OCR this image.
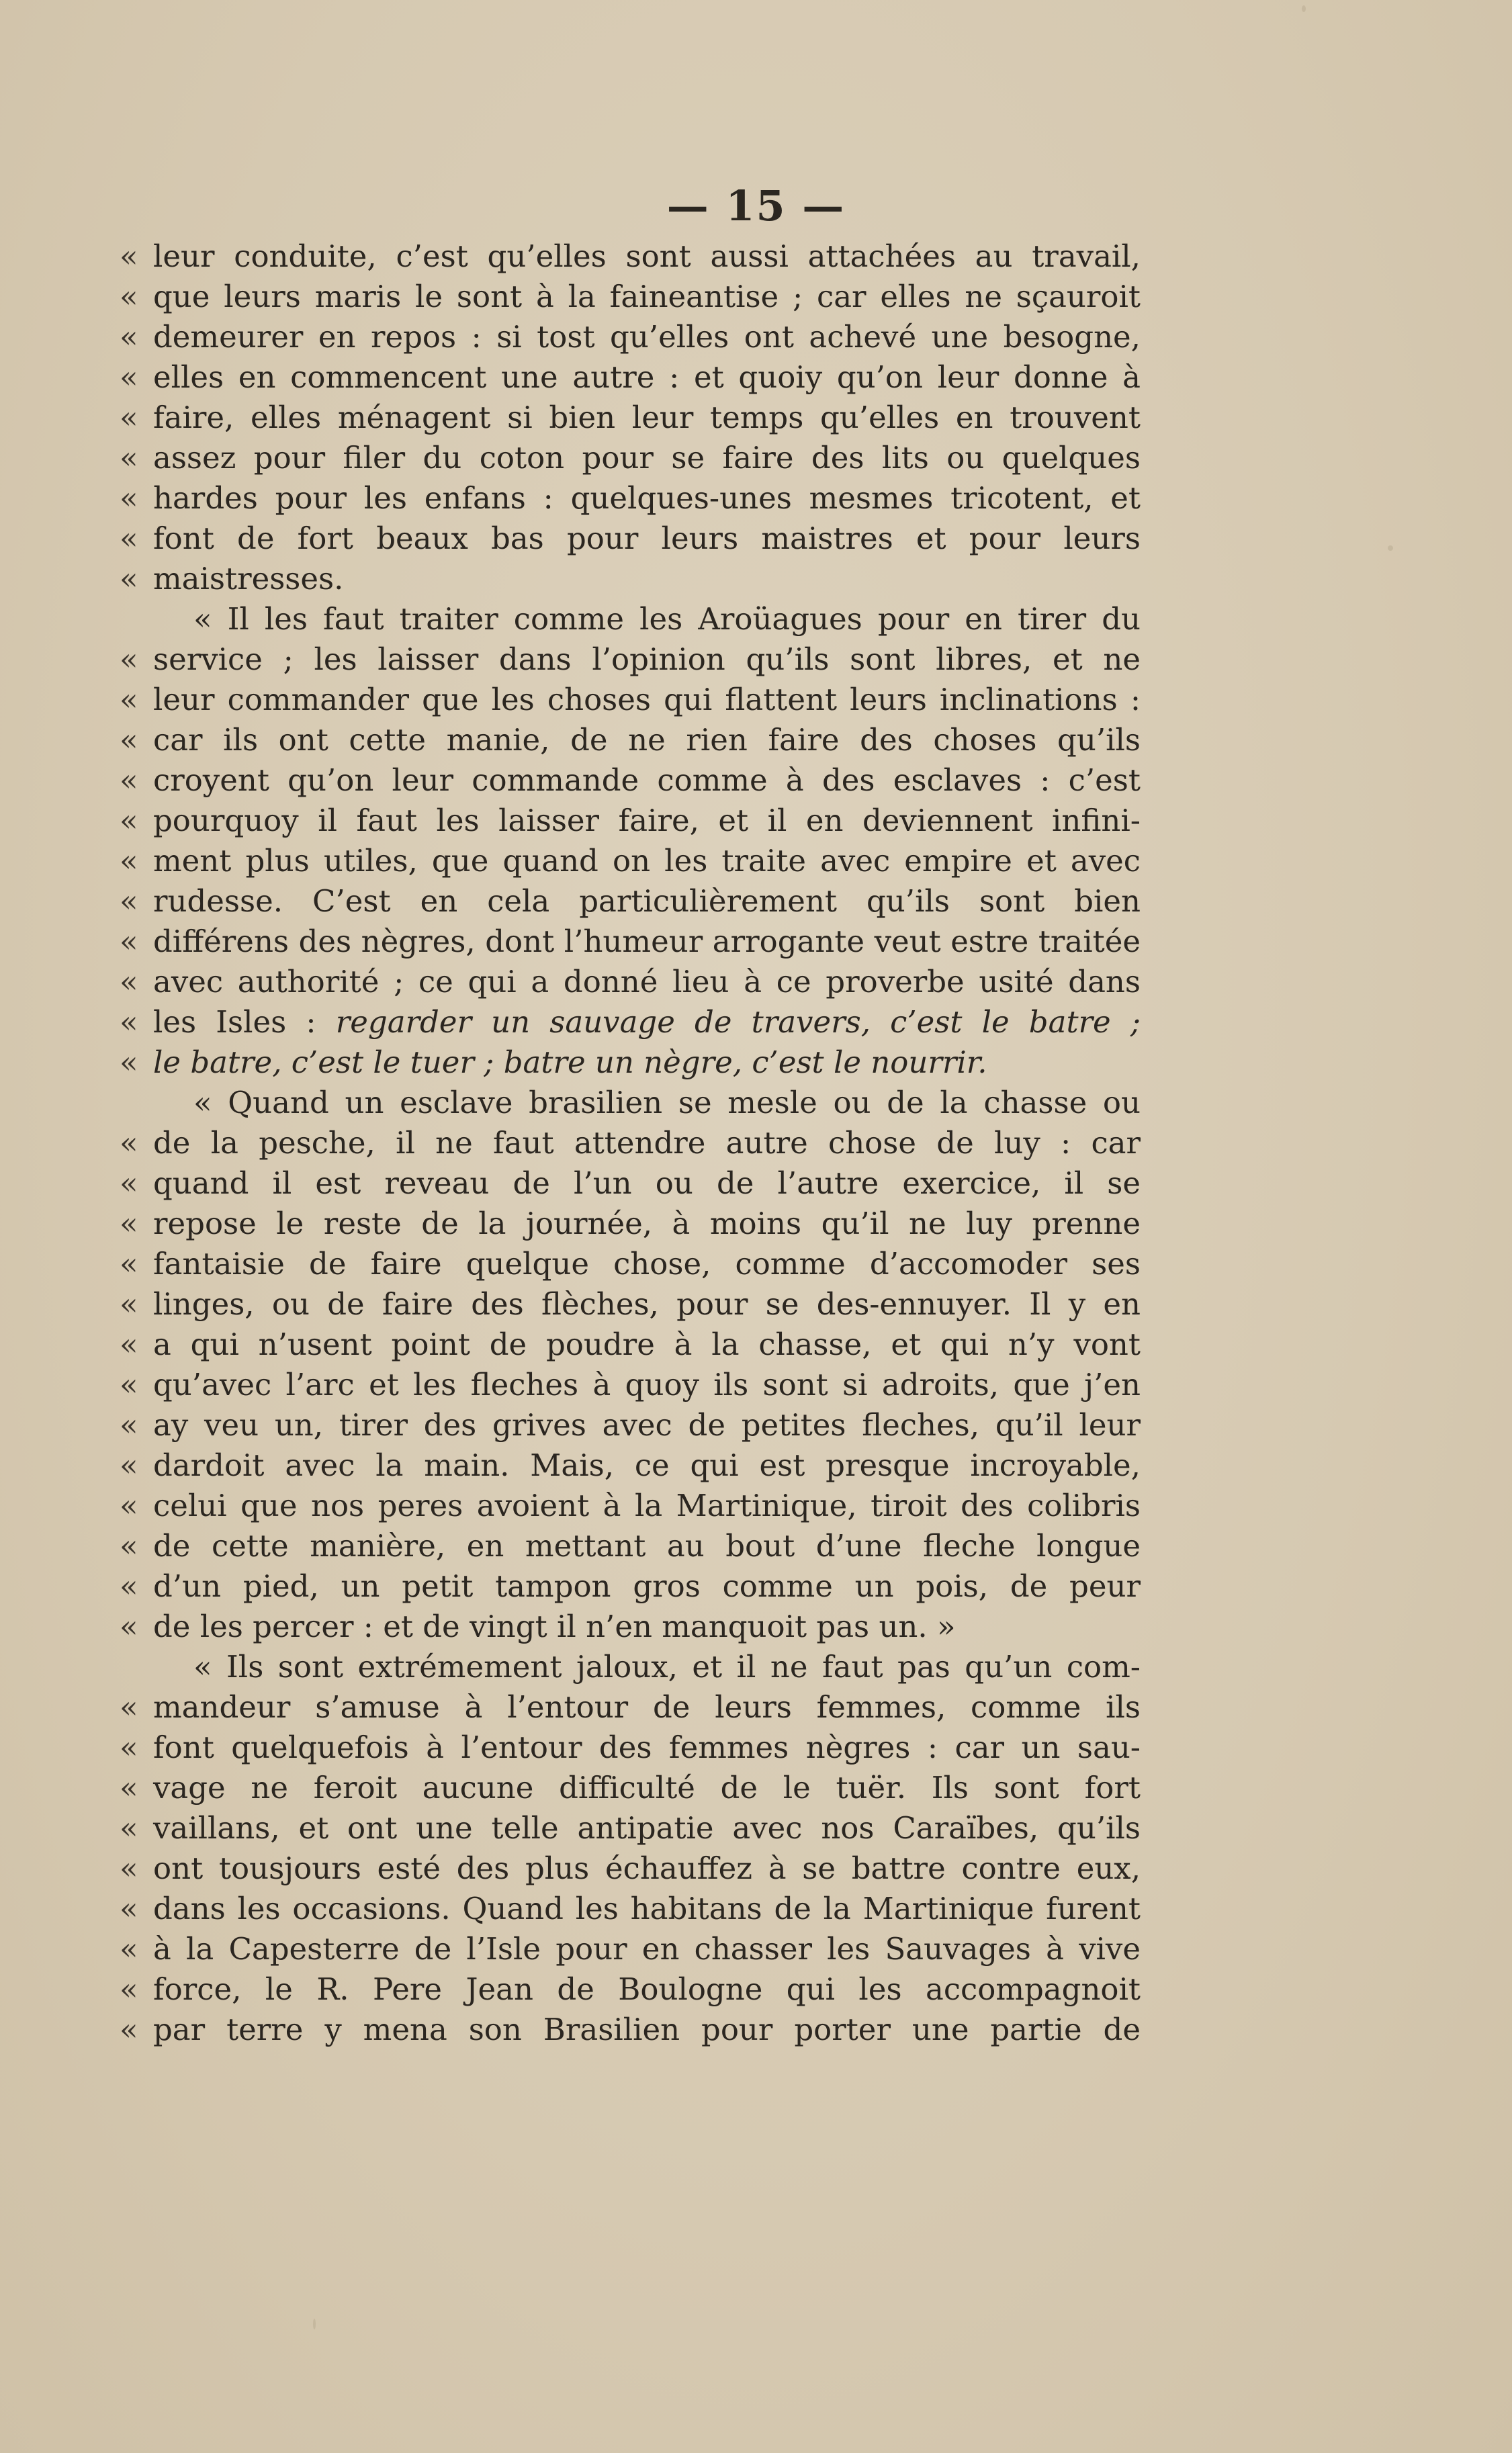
— 15 —
« leur conduite, c’est qu’elles sont aussi attachées au travail,
« que leurs maris le sont à la faineantise ; car elles ne sçauroit
« demeurer en repos : si tost qu’elles ont achevé une besogne,
« elles en commencent une autre : et quoiy qu’on leur donne à
« faire, elles ménagent si bien leur temps qu’elles en trouvent
« assez pour filer du coton pour se faire des lits ou quelques
« hardes pour les enfans : quelques-unes mesmes tricotent, et
« font de fort beaux bas pour leurs maistres et pour leurs
« maistresses.
« Il les faut traiter comme les Aroüagues pour en tirer du
« service ; les laisser dans l’opinion qu’ils sont libres, et ne
« leur commander que les choses qui flattent leurs inclinations :
« car ils ont cette manie, de ne rien faire des choses qu’ils
« croyent qu’on leur commande comme à des esclaves : c’est
« pourquoy il faut les laisser faire, et il en deviennent infini-
« ment plus utiles, que quand on les traite avec empire et avec
« rudesse. C’est en cela particulièrement qu’ils sont bien
« différens des nègres, dont l’humeur arrogante veut estre traitée
« avec authorité ; ce qui a donné lieu à ce proverbe usité dans
« les Isles : regarder un sauvage de travers, c’est le batre ;
« le batre, c’est le tuer ; batre un nègre, c’est le nourrir.
« Quand un esclave brasilien se mesle ou de la chasse ou
« de la pesche, il ne faut attendre autre chose de luy : car
« quand il est reveau de l’un ou de l’autre exercice, il se
« repose le reste de la journée, à moins qu’il ne luy prenne
« fantaisie de faire quelque chose, comme d’accomoder ses
« linges, ou de faire des flèches, pour se des-ennuyer. Il y en
« a qui n’usent point de poudre à la chasse, et qui n’y vont
« qu’avec l’arc et les fleches à quoy ils sont si adroits, que j’en
« ay veu un, tirer des grives avec de petites fleches, qu’il leur
« dardoit avec la main. Mais, ce qui est presque incroyable,
« celui que nos peres avoient à la Martinique, tiroit des colibris
« de cette manière, en mettant au bout d’une fleche longue
« d’un pied, un petit tampon gros comme un pois, de peur
« de les percer : et de vingt il n’en manquoit pas un. »
« Ils sont extrémement jaloux, et il ne faut pas qu’un com-
« mandeur s’amuse à l’entour de leurs femmes, comme ils
« font quelquefois à l’entour des femmes nègres : car un sau-
« vage ne feroit aucune difficulté de le tuër. Ils sont fort
« vaillans, et ont une telle antipatie avec nos Caraïbes, qu’ils
« ont tousjours esté des plus échauffez à se battre contre eux,
« dans les occasions. Quand les habitans de la Martinique furent
« à la Capesterre de l’Isle pour en chasser les Sauvages à vive
« force, le R. Pere Jean de Boulogne qui les accompagnoit
« par terre y mena son Brasilien pour porter une partie de
